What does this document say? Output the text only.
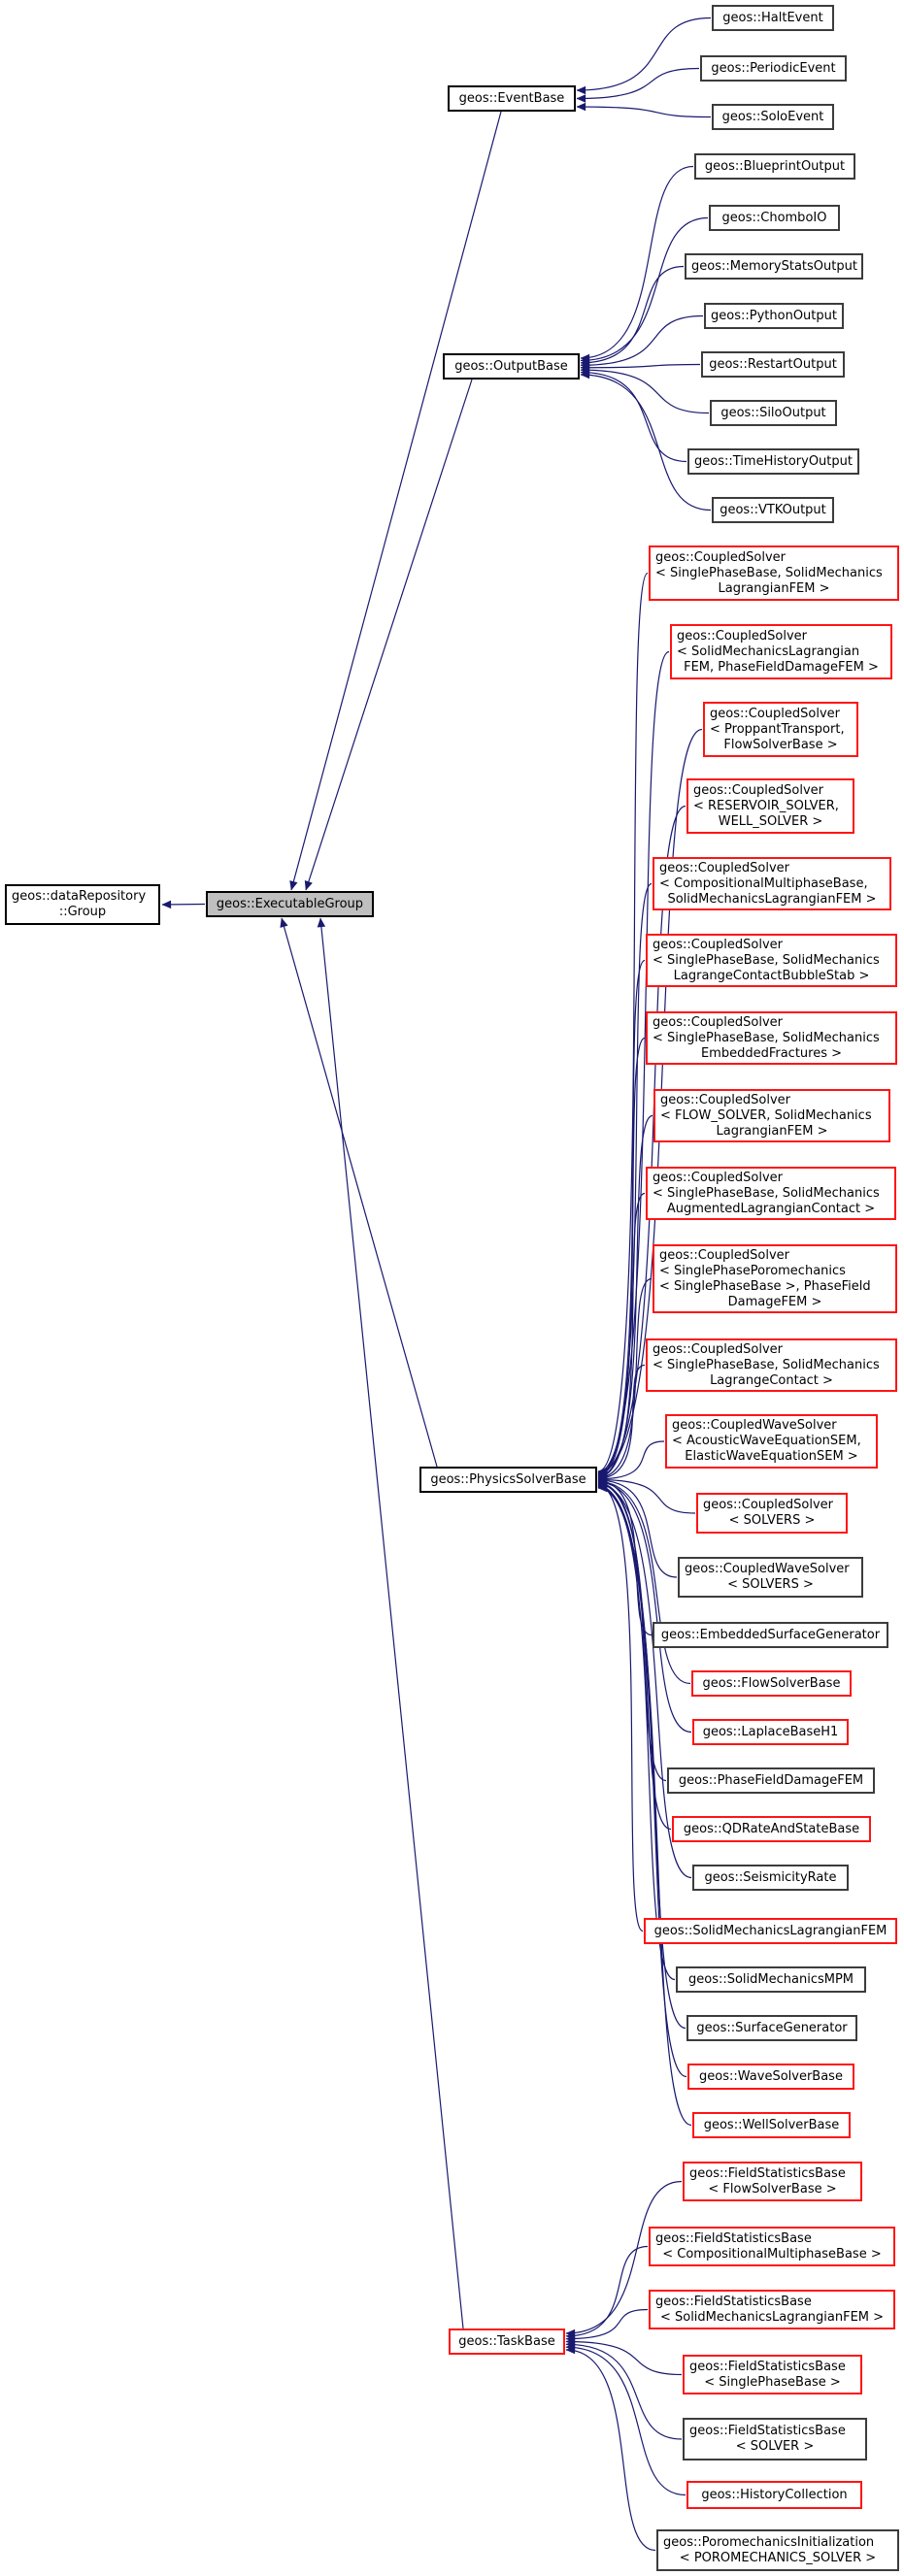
geos::dataRepository
::Group
geos::ExecutableGroup
geos::EventBase
geos::OutputBase
geos::PhysicsSolverBase
geos::TaskBase
geos::HaltEvent
geos::PeriodicEvent
geos::SoloEvent
geos::BlueprintOutput
geos::ChomboIO
geos::MemoryStatsOutput
geos::PythonOutput
geos::RestartOutput
geos::SiloOutput
geos::TimeHistoryOutput
geos::VTKOutput
geos::CoupledSolver
< SinglePhaseBase, SolidMechanics
LagrangianFEM >
geos::CoupledSolver
< SolidMechanicsLagrangian
FEM, PhaseFieldDamageFEM >
geos::CoupledSolver
< ProppantTransport,
FlowSolverBase >
geos::CoupledSolver
< RESERVOIR_SOLVER,
WELL_SOLVER >
geos::CoupledSolver
< CompositionalMultiphaseBase,
SolidMechanicsLagrangianFEM >
geos::CoupledSolver
< SinglePhaseBase, SolidMechanics
LagrangeContactBubbleStab >
geos::CoupledSolver
< SinglePhaseBase, SolidMechanics
EmbeddedFractures >
geos::CoupledSolver
< FLOW_SOLVER, SolidMechanics
LagrangianFEM >
geos::CoupledSolver
< SinglePhaseBase, SolidMechanics
AugmentedLagrangianContact >
geos::CoupledSolver
< SinglePhasePoromechanics
< SinglePhaseBase >, PhaseField
DamageFEM >
geos::CoupledSolver
< SinglePhaseBase, SolidMechanics
LagrangeContact >
geos::CoupledWaveSolver
< AcousticWaveEquationSEM,
ElasticWaveEquationSEM >
geos::CoupledSolver
< SOLVERS >
geos::CoupledWaveSolver
< SOLVERS >
geos::EmbeddedSurfaceGenerator
geos::FlowSolverBase
geos::LaplaceBaseH1
geos::PhaseFieldDamageFEM
geos::QDRateAndStateBase
geos::SeismicityRate
geos::SolidMechanicsLagrangianFEM
geos::SolidMechanicsMPM
geos::SurfaceGenerator
geos::WaveSolverBase
geos::WellSolverBase
geos::FieldStatisticsBase
< FlowSolverBase >
geos::FieldStatisticsBase
< CompositionalMultiphaseBase >
geos::FieldStatisticsBase
< SolidMechanicsLagrangianFEM >
geos::FieldStatisticsBase
< SinglePhaseBase >
geos::FieldStatisticsBase
< SOLVER >
geos::HistoryCollection
geos::PoromechanicsInitialization
< POROMECHANICS_SOLVER >
